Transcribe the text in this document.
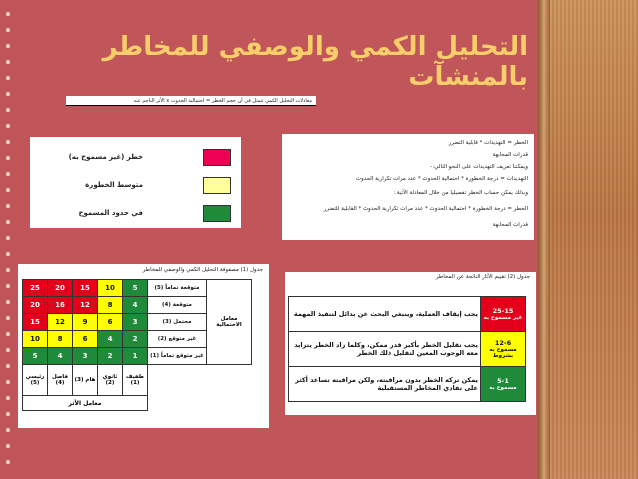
التحليل الكمي والوصفي للمخاطر بالمنشآت
معادلات التحليل الكمي تتمثل في أن حجم الخطر = احتمالية الحدوث x الأثر الناجم عنه
خطر (غير مسموح به)
متوسط الخطورة
في حدود المسموح
الخطر = التهديدات * قابلية التضرر
قدرات المجابهة
ويمكننا تعريف التهديدات على النحو التالي:-
التهديدات = درجة الخطورة * احتمالية الحدوث * عدد مرات تكرارية الحدوث
وبذلك يمكن حساب الخطر تفصيليا من خلال المعادلة الآتية :
الخطر = درجة الخطورة * احتمالية الحدوث * عدد مرات تكرارية الحدوث * القابلية للتضرر
قدرات المجابهة
جدول (1) مصفوفة التحليل الكمي والوصفي للمخاطر
25	20	15	10	5	متوقعة تماماً (5)	معامل الاحتمالية
20	16	12	8	4	متوقعة (4)	
15	12	9	6	3	محتمل (3)	
10	8	6	4	2	غير متوقع (2)	
5	4	3	2	1	غير متوقع تماماً (1)	
رئيسي (5)	فاصل (4)	هام (3)	ثانوي (2)	طفيف (1)		
معامل الأثر						
جدول (2) تقييم الآثار الناتجة عن المخاطر
25-15
غير مسموح به	يجب إيقاف العملية، وينبغي البحث عن بدائل لتنفيذ المهمة

12-6
مسموح به بشروط	يجب تقليل الخطر بأكبر قدر ممكن، وكلما زاد الخطر يتزايد معه الوجوب المعين لتقليل ذلك الخطر

5-1
مسموح به	يمكن تركه الخطر بدون مراقبته، ولكن مراقبته تساعد أكثر على تفادي المخاطر المستقبلية
